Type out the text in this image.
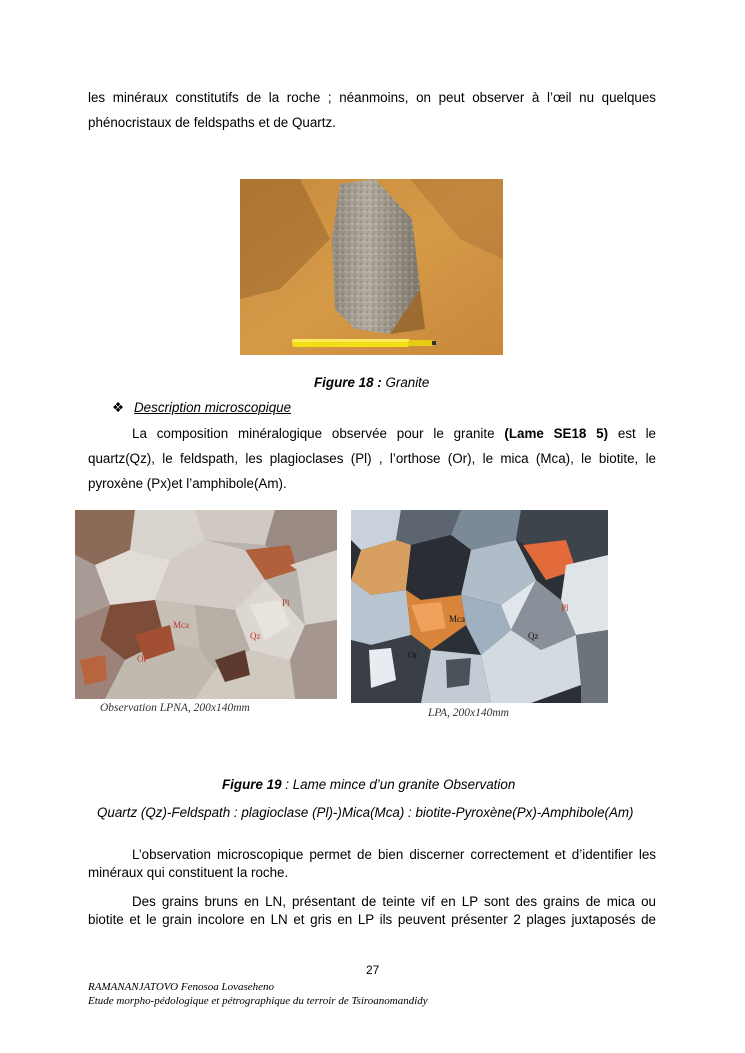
les minéraux constitutifs de la roche ; néanmoins, on peut observer à l’œil nu quelques
phénocristaux de feldspaths et de Quartz.
Figure 18 : Granite
❖ Description microscopique
La composition minéralogique observée pour le granite (Lame SE18 5) est le
quartz(Qz), le feldspath, les plagioclases (Pl) , l’orthose (Or), le mica (Mca), le biotite, le
pyroxène (Px)et l’amphibole(Am).
Pl
Mca
Qz
Or
Observation LPNA, 200x140mm
Mca
Pl
Qz
Or
LPA, 200x140mm
Figure 19 : Lame mince d’un granite Observation
Quartz (Qz)-Feldspath : plagioclase (Pl)-)Mica(Mca) : biotite-Pyroxène(Px)-Amphibole(Am)
L’observation microscopique permet de bien discerner correctement et d’identifier les
minéraux qui constituent la roche.
Des grains bruns en LN, présentant de teinte vif en LP sont des grains de mica ou
biotite et le grain incolore en LN et gris en LP ils peuvent présenter 2 plages juxtaposés de
27
RAMANANJATOVO Fenosoa Lovaseheno
Etude morpho-pédologique et pétrographique du terroir de Tsiroanomandidy
